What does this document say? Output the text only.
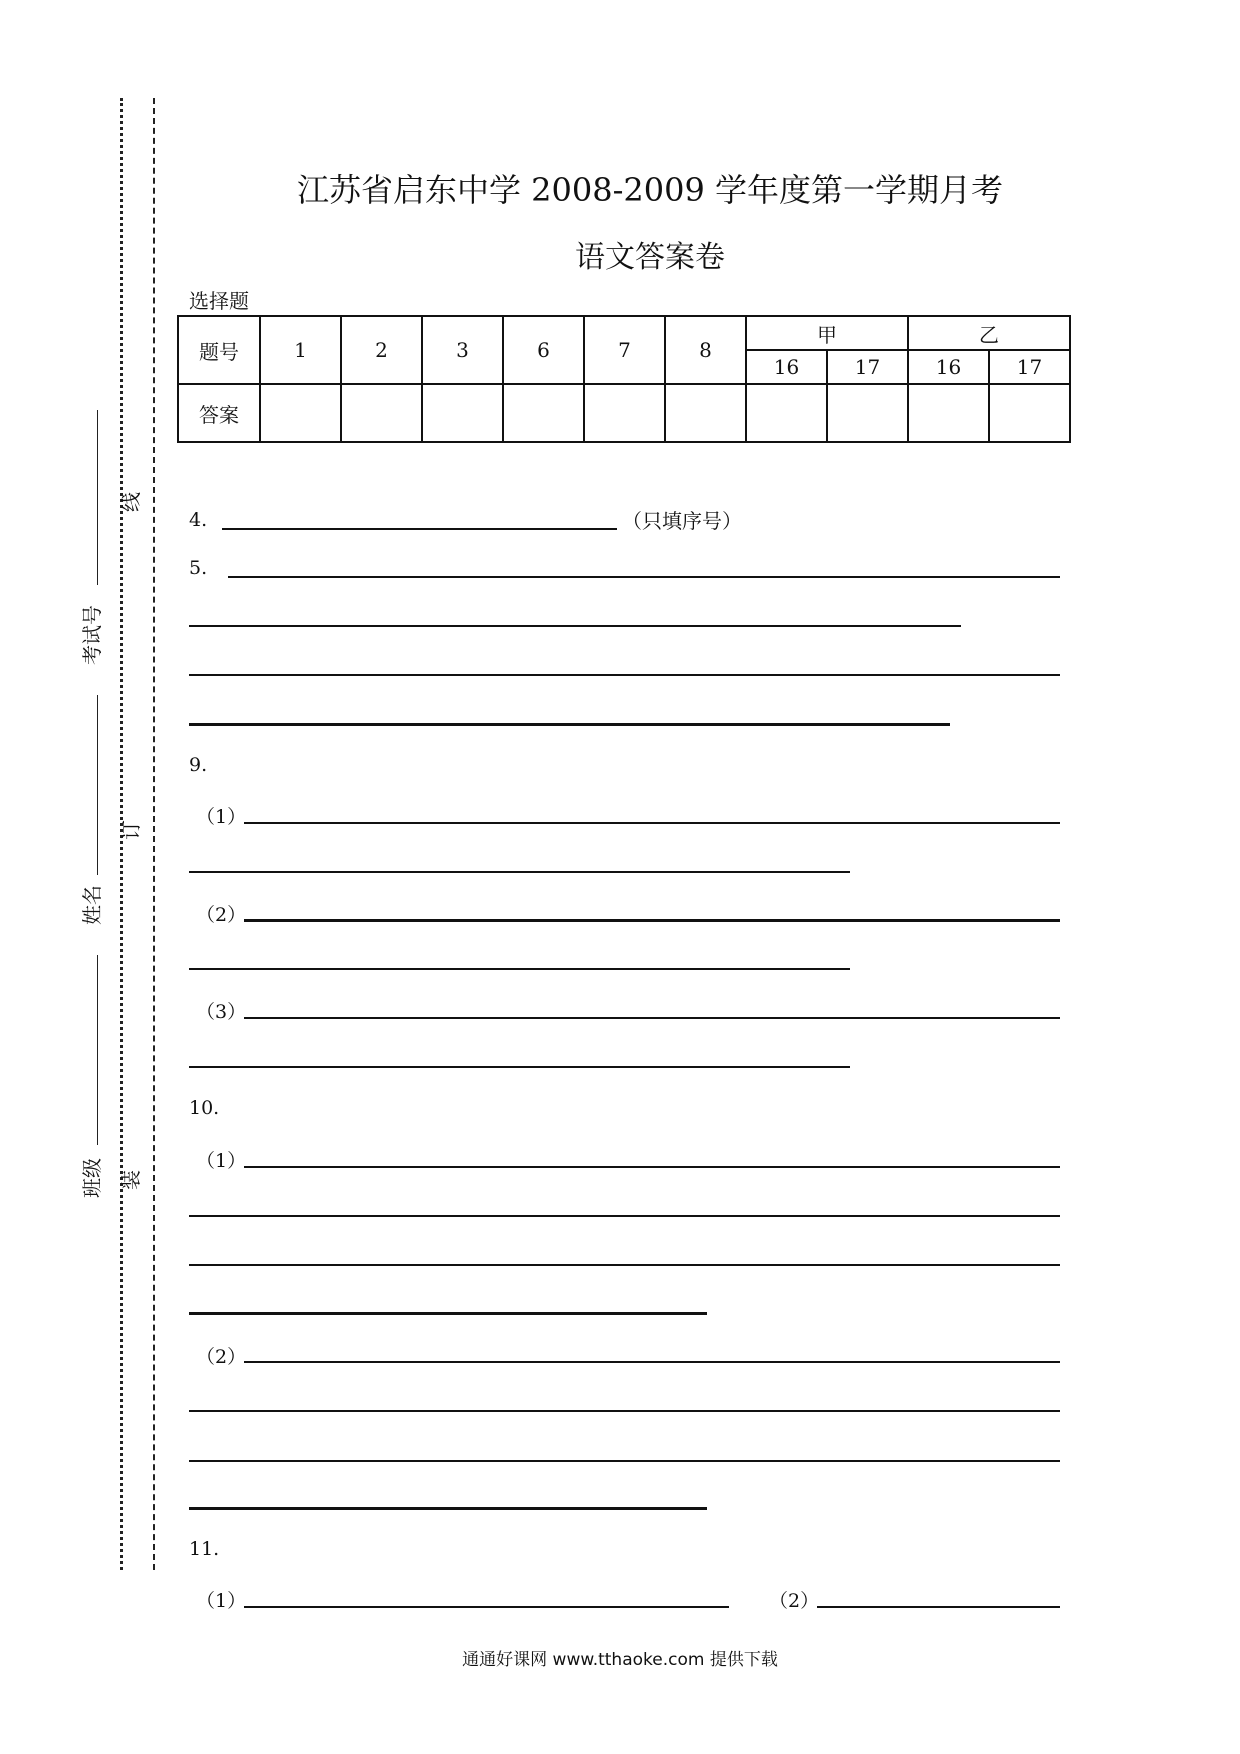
线
订
装
考试号
姓名
班级
江苏省启东中学 2008-2009 学年度第一学期月考
语文答案卷
选择题
题号	1	2	3	6	7	8	甲		乙	
							16	17	16	17
答案										
4.	（只填序号）
5.
9.
（1）
（2）
（3）
10.
（1）
（2）
11.
（1）	（2）
通通好课网 www.tthaoke.com 提供下载
